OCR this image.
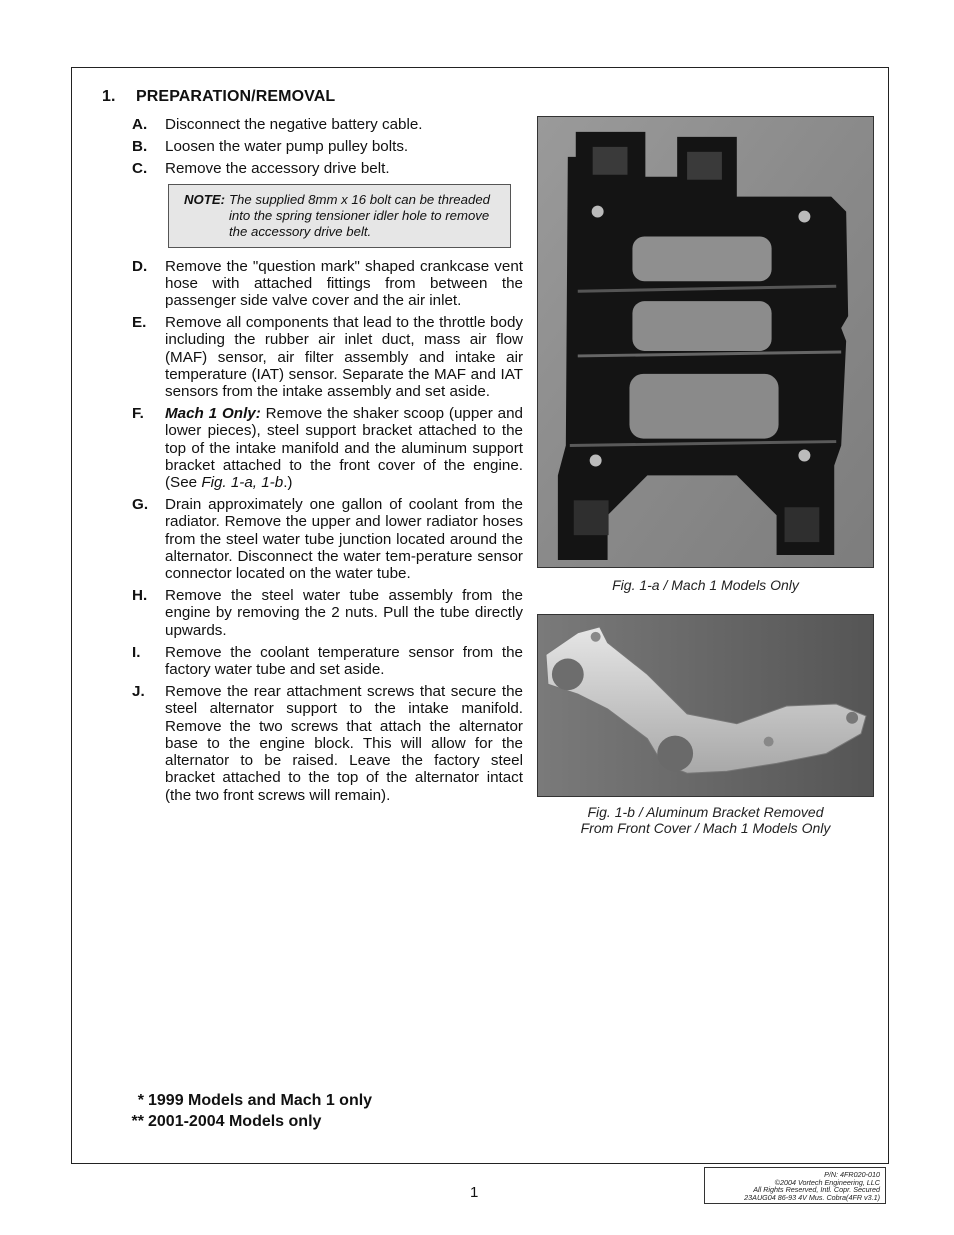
1. PREPARATION/REMOVAL
A. Disconnect the negative battery cable.
B. Loosen the water pump pulley bolts.
C. Remove the accessory drive belt.
NOTE: The supplied 8mm x 16 bolt can be threaded into the spring tensioner idler hole to remove the accessory drive belt.
D. Remove the "question mark" shaped crankcase vent hose with attached fittings from between the passenger side valve cover and the air inlet.
E. Remove all components that lead to the throttle body including the rubber air inlet duct, mass air flow (MAF) sensor, air filter assembly and intake air temperature (IAT) sensor. Separate the MAF and IAT sensors from the intake assembly and set aside.
F. Mach 1 Only: Remove the shaker scoop (upper and lower pieces), steel support bracket attached to the top of the intake manifold and the aluminum support bracket attached to the front cover of the engine. (See Fig. 1-a, 1-b.)
G. Drain approximately one gallon of coolant from the radiator. Remove the upper and lower radiator hoses from the steel water tube junction located around the alternator. Disconnect the water tem-perature sensor connector located on the water tube.
H. Remove the steel water tube assembly from the engine by removing the 2 nuts. Pull the tube directly upwards.
I. Remove the coolant temperature sensor from the factory water tube and set aside.
J. Remove the rear attachment screws that secure the steel alternator support to the intake manifold. Remove the two screws that attach the alternator base to the engine block. This will allow for the alternator to be raised. Leave the factory steel bracket attached to the top of the alternator intact (the two front screws will remain).
Fig. 1-a / Mach 1 Models Only
Fig. 1-b / Aluminum Bracket Removed
From Front Cover / Mach 1 Models Only
* 1999 Models and Mach 1 only
** 2001-2004 Models only
1
P/N: 4FR020-010
©2004 Vortech Engineering, LLC
All Rights Reserved, Intl. Copr. Secured
23AUG04 86-93 4V Mus. Cobra(4FR v3.1)
